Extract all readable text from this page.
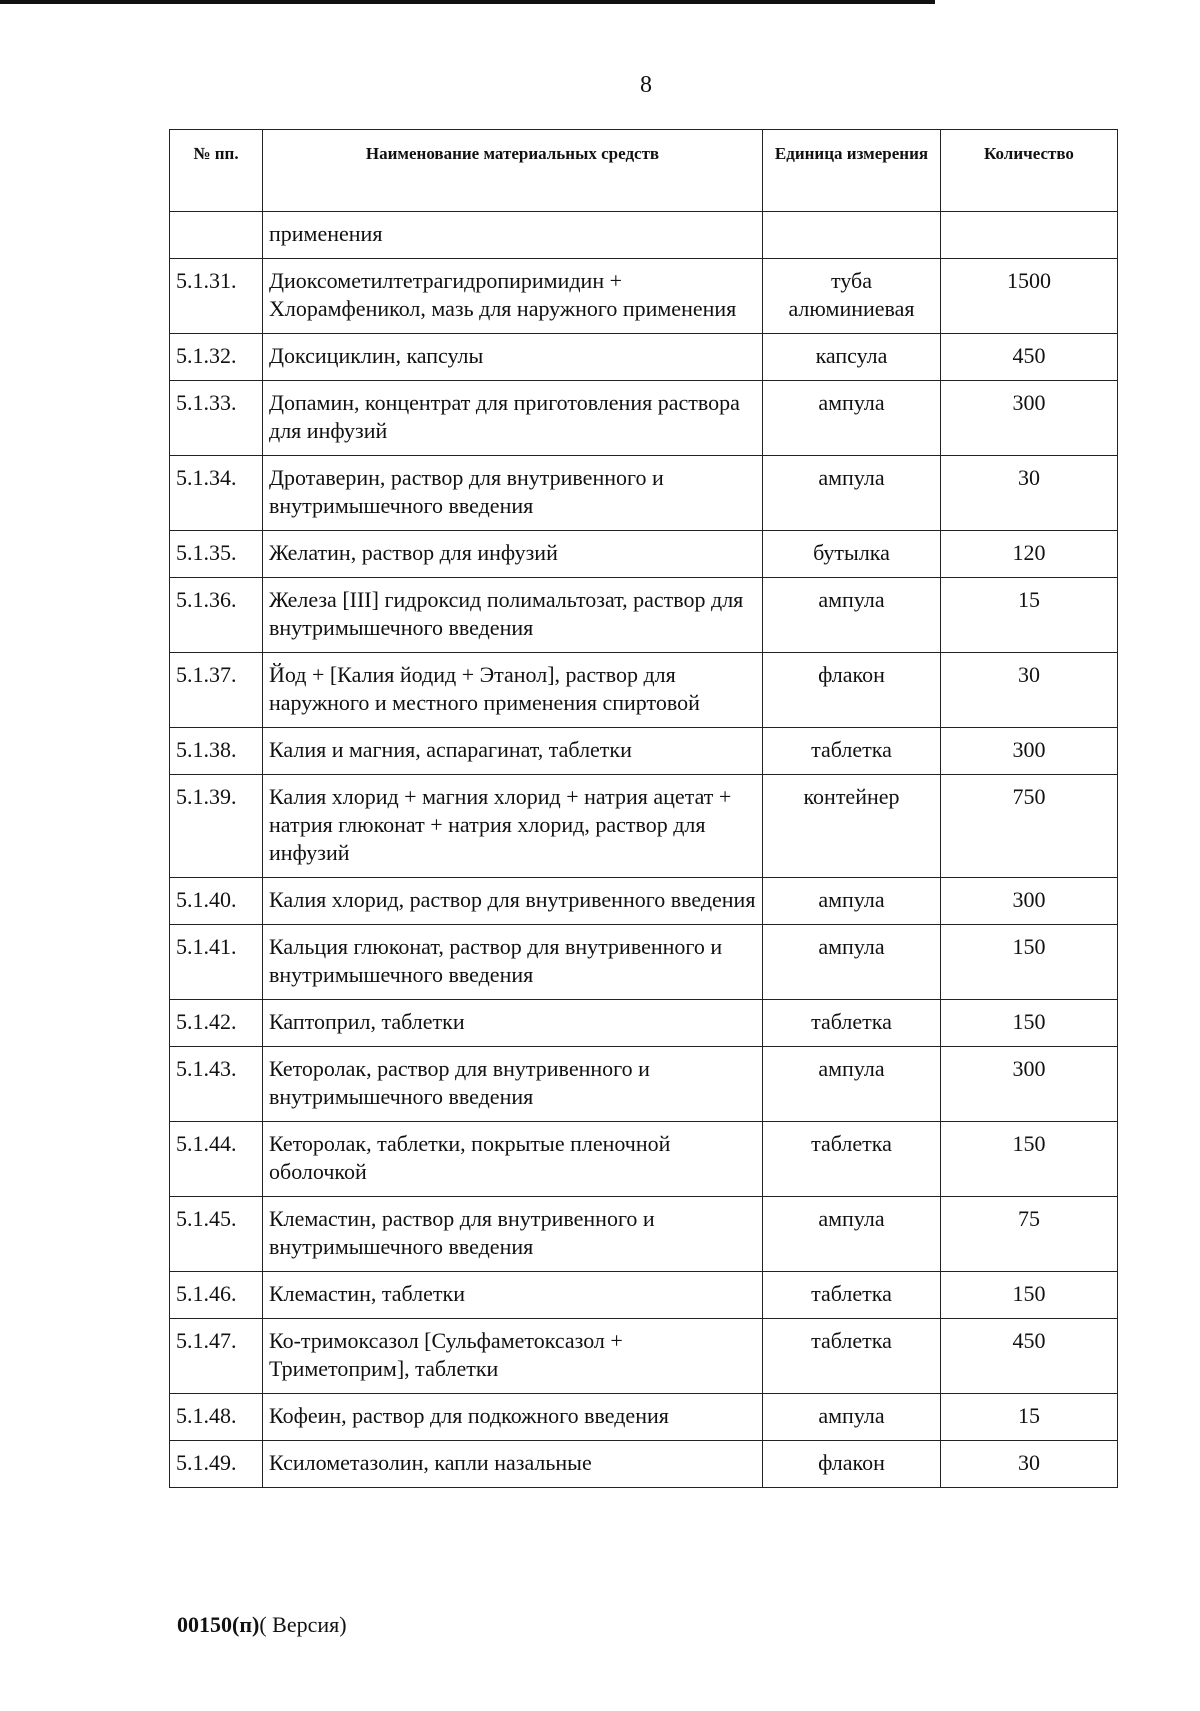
8
№ пп.	Наименование материальных средств	Единица измерения	Количество
	применения		
5.1.31.	Диоксометилтетрагидропиримидин + Хлорамфеникол, мазь для наружного применения	туба алюминиевая	1500
5.1.32.	Доксициклин, капсулы	капсула	450
5.1.33.	Допамин, концентрат для приготовления раствора для инфузий	ампула	300
5.1.34.	Дротаверин, раствор для внутривенного и внутримышечного введения	ампула	30
5.1.35.	Желатин, раствор для инфузий	бутылка	120
5.1.36.	Железа [III] гидроксид полимальтозат, раствор для внутримышечного введения	ампула	15
5.1.37.	Йод + [Калия йодид + Этанол], раствор для наружного и местного применения спиртовой	флакон	30
5.1.38.	Калия и магния, аспарагинат, таблетки	таблетка	300
5.1.39.	Калия хлорид + магния хлорид + натрия ацетат + натрия глюконат + натрия хлорид, раствор для инфузий	контейнер	750
5.1.40.	Калия хлорид, раствор для внутривенного введения	ампула	300
5.1.41.	Кальция глюконат, раствор для внутривенного и внутримышечного введения	ампула	150
5.1.42.	Каптоприл, таблетки	таблетка	150
5.1.43.	Кеторолак, раствор для внутривенного и внутримышечного введения	ампула	300
5.1.44.	Кеторолак, таблетки, покрытые пленочной оболочкой	таблетка	150
5.1.45.	Клемастин, раствор для внутривенного и внутримышечного введения	ампула	75
5.1.46.	Клемастин, таблетки	таблетка	150
5.1.47.	Ко-тримоксазол [Сульфаметоксазол + Триметоприм], таблетки	таблетка	450
5.1.48.	Кофеин, раствор для подкожного введения	ампула	15
5.1.49.	Ксилометазолин, капли назальные	флакон	30
00150(п)( Версия)
